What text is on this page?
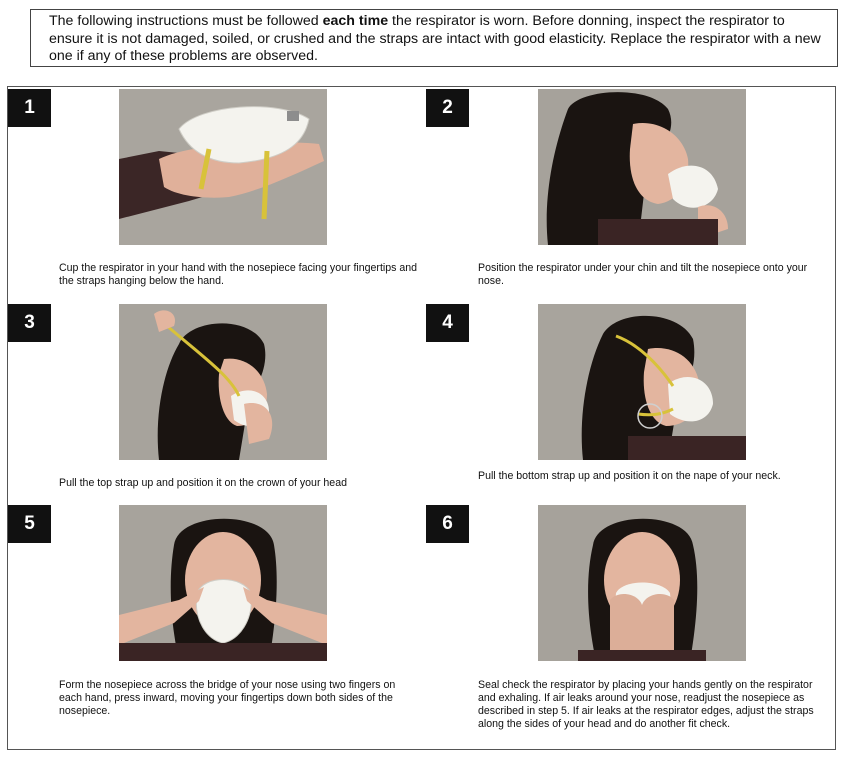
The following instructions must be followed each time the respirator is worn. Before donning, inspect the respirator to ensure it is not damaged, soiled, or crushed and the straps are intact with good elasticity. Replace the respirator with a new one if any of these problems are observed.
1
Cup the respirator in your hand with the nosepiece facing your fingertips and the straps hanging below the hand.
2
Position the respirator under your chin and tilt the nosepiece onto your nose.
3
Pull the top strap up and position it on the crown of your head
4
Pull the bottom strap up and position it on the nape of your neck.
5
Form the nosepiece across the bridge of your nose using two fingers on each hand, press inward, moving your fingertips down both sides of the nosepiece.
6
Seal check the respirator by placing your hands gently on the respirator and exhaling. If air leaks around your nose, readjust the nosepiece as described in step 5. If air leaks at the respirator edges, adjust the straps along the sides of your head and do another fit check.
